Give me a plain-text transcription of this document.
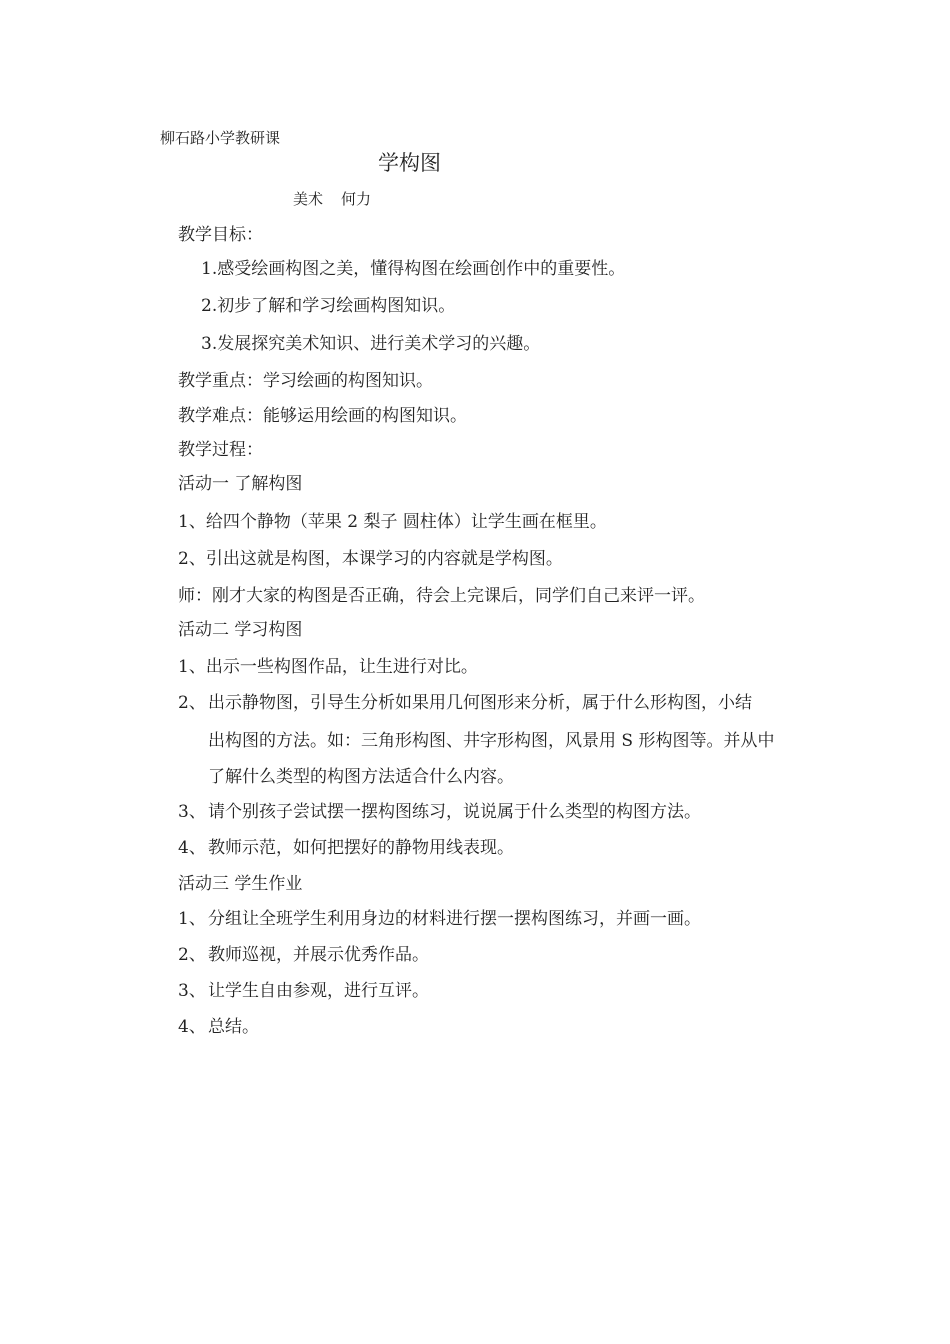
柳石路小学教研课
学构图
美术 何力
教学目标：
1.感受绘画构图之美，懂得构图在绘画创作中的重要性。
2.初步了解和学习绘画构图知识。
3.发展探究美术知识、进行美术学习的兴趣。
教学重点：学习绘画的构图知识。
教学难点：能够运用绘画的构图知识。
教学过程：
活动一 了解构图
1、给四个静物（苹果 2 梨子 圆柱体）让学生画在框里。
2、引出这就是构图，本课学习的内容就是学构图。
师：刚才大家的构图是否正确，待会上完课后，同学们自己来评一评。
活动二 学习构图
1、出示一些构图作品，让生进行对比。
2、 出示静物图，引导生分析如果用几何图形来分析，属于什么形构图，小结
出构图的方法。如：三角形构图、井字形构图，风景用 S 形构图等。并从中
了解什么类型的构图方法适合什么内容。
3、 请个别孩子尝试摆一摆构图练习，说说属于什么类型的构图方法。
4、 教师示范，如何把摆好的静物用线表现。
活动三 学生作业
1、 分组让全班学生利用身边的材料进行摆一摆构图练习，并画一画。
2、 教师巡视，并展示优秀作品。
3、 让学生自由参观，进行互评。
4、 总结。
